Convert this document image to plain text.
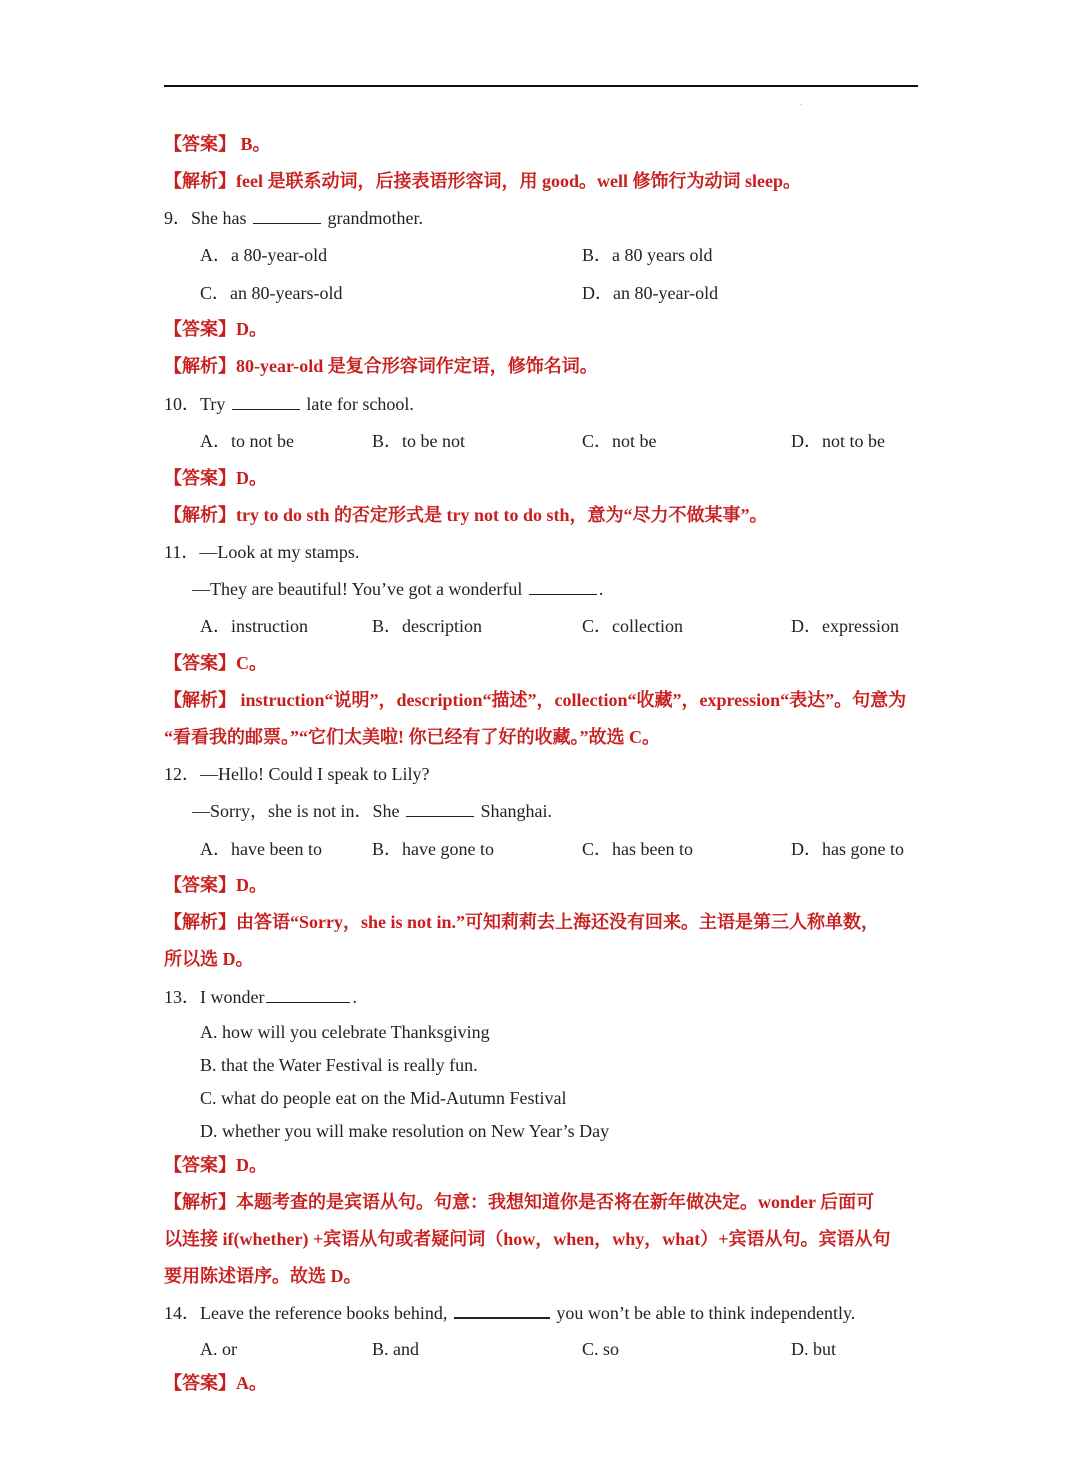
.
【答案】 B。
【解析】feel 是联系动词，后接表语形容词，用 good。well 修饰行为动词 sleep。
9．She has	grandmother.
A．a 80-year-old	B．a 80 years old
C．an 80-years-old	D．an 80-year-old
【答案】D。
【解析】80-year-old 是复合形容词作定语，修饰名词。
10．Try	late for school.
A．to not be	B．to be not	C．not be	D．not to be
【答案】D。
【解析】try to do sth 的否定形式是 try not to do sth，意为“尽力不做某事”。
11．—Look at my stamps.
—They are beautiful! You’ve got a wonderful	.
A．instruction	B．description	C．collection	D．expression
【答案】C。
【解析】 instruction“说明”，description“描述”，collection“收藏”，expression“表达”。句意为
“看看我的邮票。”“它们太美啦! 你已经有了好的收藏。”故选 C。
12．—Hello! Could I speak to Lily?
—Sorry，she is not in．She	Shanghai.
A．have been to	B．have gone to	C．has been to	D．has gone to
【答案】D。
【解析】由答语“Sorry，she is not in.”可知莉莉去上海还没有回来。主语是第三人称单数，
所以选 D。
13．I wonder	.
A. how will you celebrate Thanksgiving
B. that the Water Festival is really fun.
C. what do people eat on the Mid-Autumn Festival
D. whether you will make resolution on New Year’s Day
【答案】D。
【解析】本题考查的是宾语从句。句意：我想知道你是否将在新年做决定。wonder 后面可
以连接 if(whether) +宾语从句或者疑问词（how，when，why，what）+宾语从句。宾语从句
要用陈述语序。故选 D。
14．Leave the reference books behind,	you won’t be able to think independently.
A. or	B. and	C. so	D. but
【答案】A。
